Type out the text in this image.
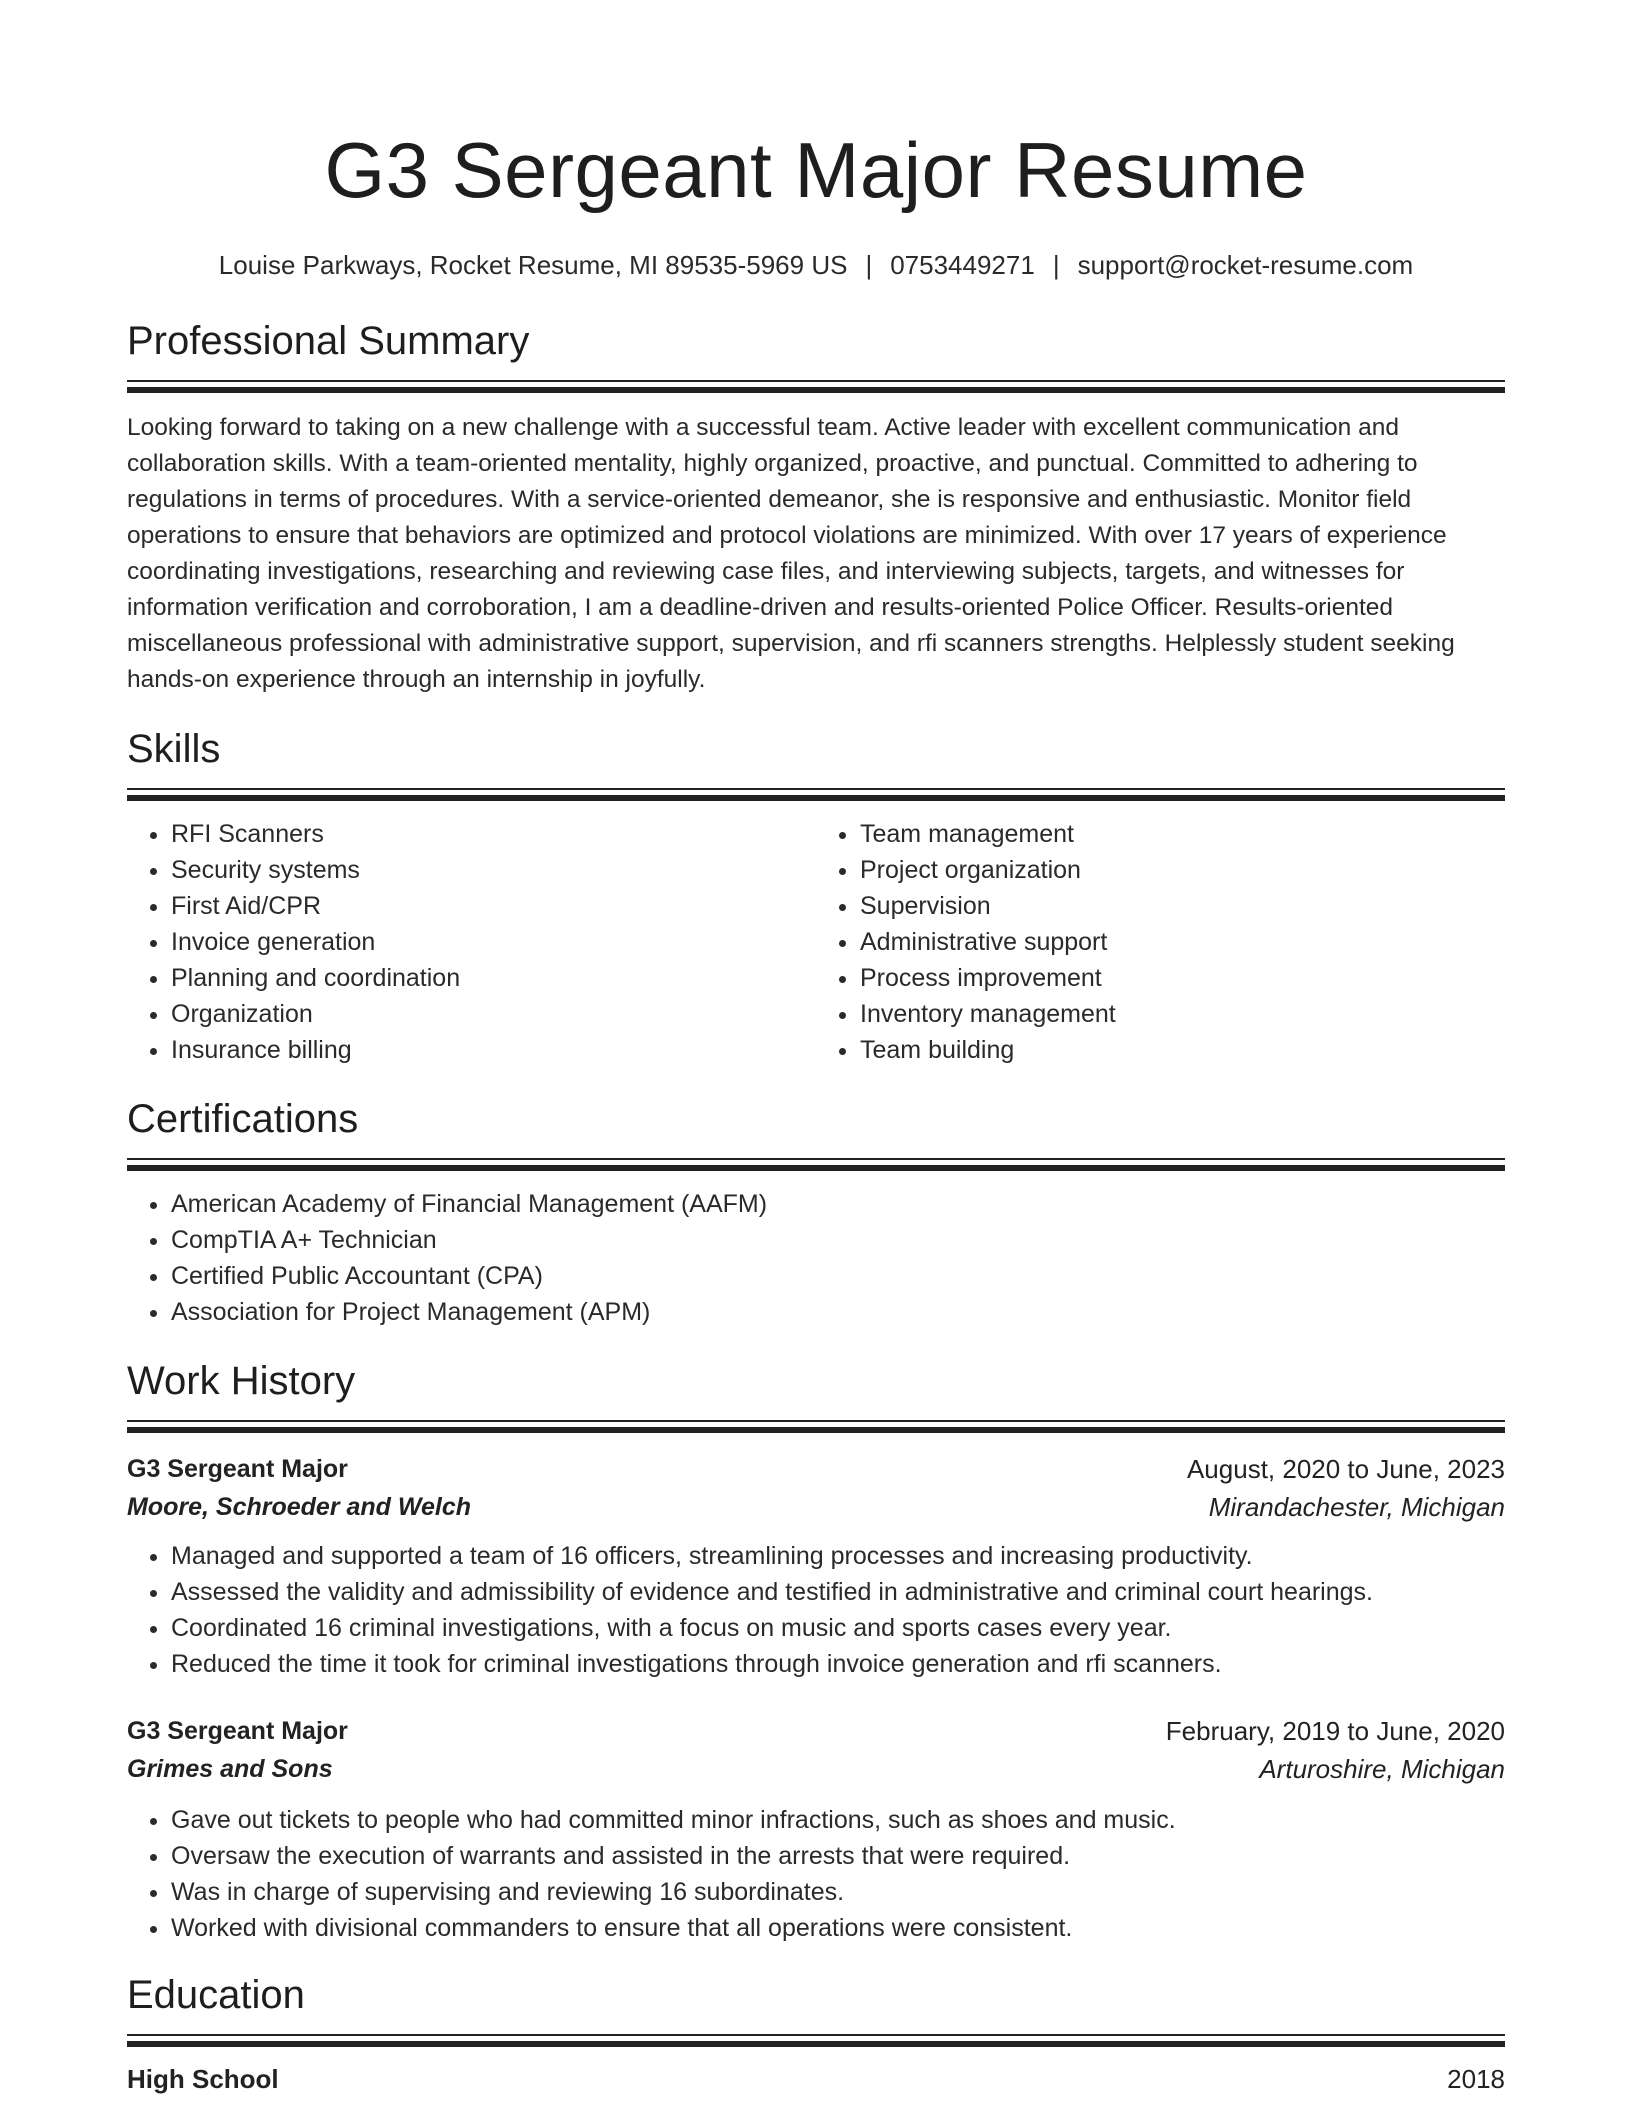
G3 Sergeant Major Resume
Louise Parkways, Rocket Resume, MI 89535-5969 US | 0753449271 | support@rocket-resume.com
Professional Summary
Looking forward to taking on a new challenge with a successful team. Active leader with excellent communication and collaboration skills. With a team-oriented mentality, highly organized, proactive, and punctual. Committed to adhering to regulations in terms of procedures. With a service-oriented demeanor, she is responsive and enthusiastic. Monitor field operations to ensure that behaviors are optimized and protocol violations are minimized. With over 17 years of experience coordinating investigations, researching and reviewing case files, and interviewing subjects, targets, and witnesses for information verification and corroboration, I am a deadline-driven and results-oriented Police Officer. Results-oriented miscellaneous professional with administrative support, supervision, and rfi scanners strengths. Helplessly student seeking hands-on experience through an internship in joyfully.
Skills
• RFI Scanners
• Security systems
• First Aid/CPR
• Invoice generation
• Planning and coordination
• Organization
• Insurance billing
• Team management
• Project organization
• Supervision
• Administrative support
• Process improvement
• Inventory management
• Team building
Certifications
• American Academy of Financial Management (AAFM)
• CompTIA A+ Technician
• Certified Public Accountant (CPA)
• Association for Project Management (APM)
Work History
G3 Sergeant Major	August, 2020 to June, 2023
Moore, Schroeder and Welch	Mirandachester, Michigan
• Managed and supported a team of 16 officers, streamlining processes and increasing productivity.
• Assessed the validity and admissibility of evidence and testified in administrative and criminal court hearings.
• Coordinated 16 criminal investigations, with a focus on music and sports cases every year.
• Reduced the time it took for criminal investigations through invoice generation and rfi scanners.
G3 Sergeant Major	February, 2019 to June, 2020
Grimes and Sons	Arturoshire, Michigan
• Gave out tickets to people who had committed minor infractions, such as shoes and music.
• Oversaw the execution of warrants and assisted in the arrests that were required.
• Was in charge of supervising and reviewing 16 subordinates.
• Worked with divisional commanders to ensure that all operations were consistent.
Education
High School	2018
